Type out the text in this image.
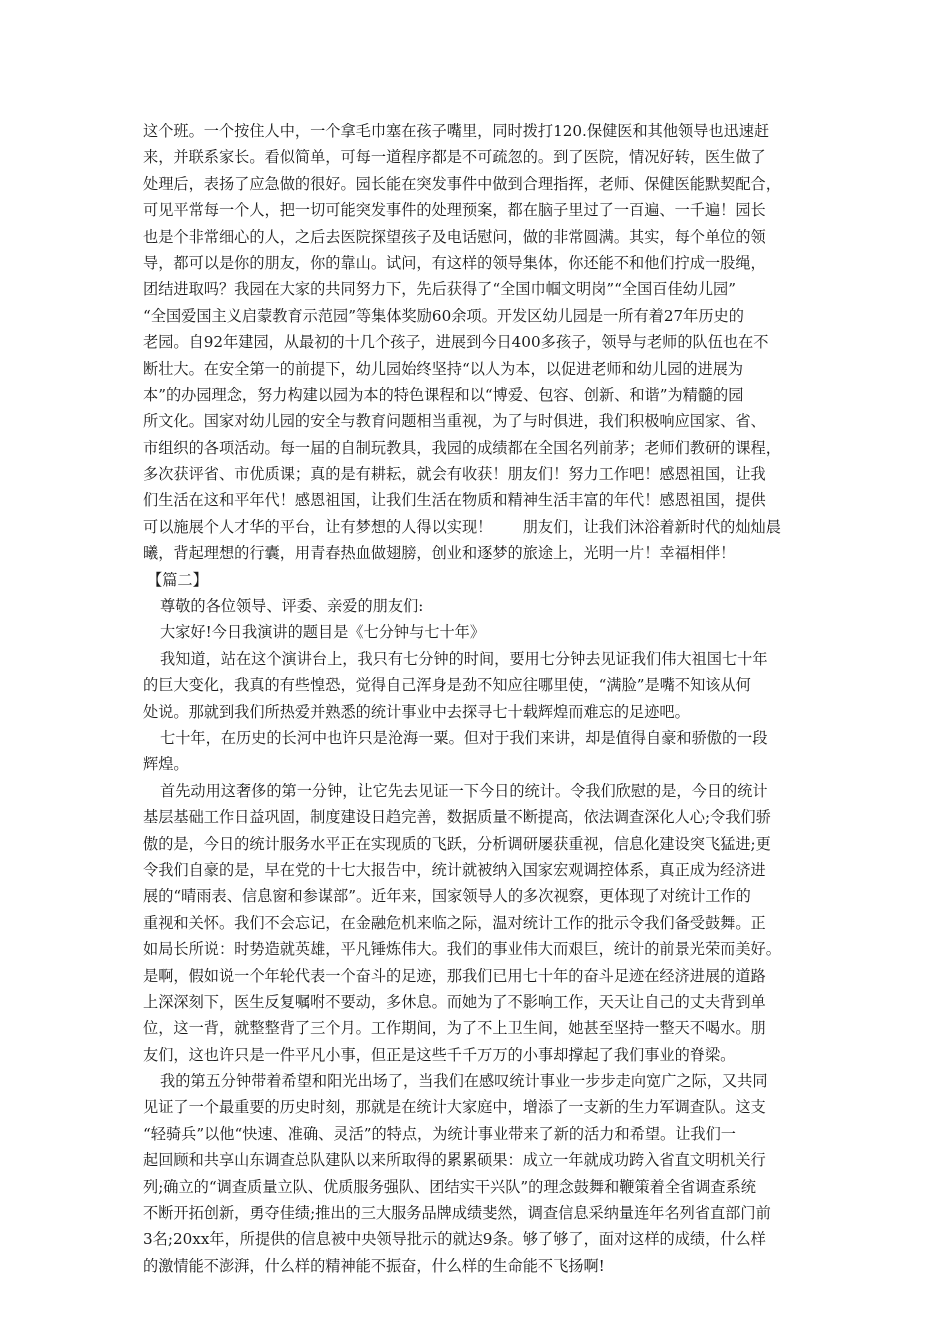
这个班。一个按住人中，一个拿毛巾塞在孩子嘴里，同时拨打120.保健医和其他领导也迅速赶
来，并联系家长。看似简单，可每一道程序都是不可疏忽的。到了医院，情况好转，医生做了
处理后，表扬了应急做的很好。园长能在突发事件中做到合理指挥，老师、保健医能默契配合，
可见平常每一个人，把一切可能突发事件的处理预案，都在脑子里过了一百遍、一千遍！园长
也是个非常细心的人，之后去医院探望孩子及电话慰问，做的非常圆满。其实，每个单位的领
导，都可以是你的朋友，你的靠山。试问，有这样的领导集体，你还能不和他们拧成一股绳，
团结进取吗？我园在大家的共同努力下，先后获得了“全国巾帼文明岗”“全国百佳幼儿园”
“全国爱国主义启蒙教育示范园”等集体奖励60余项。开发区幼儿园是一所有着27年历史的
老园。自92年建园，从最初的十几个孩子，进展到今日400多孩子，领导与老师的队伍也在不
断壮大。在安全第一的前提下，幼儿园始终坚持“以人为本，以促进老师和幼儿园的进展为
本”的办园理念，努力构建以园为本的特色课程和以“博爱、包容、创新、和谐”为精髓的园
所文化。国家对幼儿园的安全与教育问题相当重视，为了与时俱进，我们积极响应国家、省、
市组织的各项活动。每一届的自制玩教具，我园的成绩都在全国名列前茅；老师们教研的课程，
多次获评省、市优质课；真的是有耕耘，就会有收获！朋友们！努力工作吧！感恩祖国，让我
们生活在这和平年代！感恩祖国，让我们生活在物质和精神生活丰富的年代！感恩祖国，提供
可以施展个人才华的平台，让有梦想的人得以实现！　　朋友们，让我们沐浴着新时代的灿灿晨
曦，背起理想的行囊，用青春热血做翅膀，创业和逐梦的旅途上，光明一片！幸福相伴！
【篇二】
尊敬的各位领导、评委、亲爱的朋友们:
大家好!今日我演讲的题目是《七分钟与七十年》
我知道，站在这个演讲台上，我只有七分钟的时间，要用七分钟去见证我们伟大祖国七十年
的巨大变化，我真的有些惶恐，觉得自己浑身是劲不知应往哪里使，“满脸”是嘴不知该从何
处说。那就到我们所热爱并熟悉的统计事业中去探寻七十载辉煌而难忘的足迹吧。
七十年，在历史的长河中也许只是沧海一粟。但对于我们来讲，却是值得自豪和骄傲的一段
辉煌。
首先动用这奢侈的第一分钟，让它先去见证一下今日的统计。令我们欣慰的是，今日的统计
基层基础工作日益巩固，制度建设日趋完善，数据质量不断提高，依法调查深化人心;令我们骄
傲的是，今日的统计服务水平正在实现质的飞跃，分析调研屡获重视，信息化建设突飞猛进;更
令我们自豪的是，早在党的十七大报告中，统计就被纳入国家宏观调控体系，真正成为经济进
展的“晴雨表、信息窗和参谋部”。近年来，国家领导人的多次视察，更体现了对统计工作的
重视和关怀。我们不会忘记，在金融危机来临之际，温对统计工作的批示令我们备受鼓舞。正
如局长所说：时势造就英雄，平凡锤炼伟大。我们的事业伟大而艰巨，统计的前景光荣而美好。
是啊，假如说一个年轮代表一个奋斗的足迹，那我们已用七十年的奋斗足迹在经济进展的道路
上深深刻下，医生反复嘱咐不要动，多休息。而她为了不影响工作，天天让自己的丈夫背到单
位，这一背，就整整背了三个月。工作期间，为了不上卫生间，她甚至坚持一整天不喝水。朋
友们，这也许只是一件平凡小事，但正是这些千千万万的小事却撑起了我们事业的脊梁。
我的第五分钟带着希望和阳光出场了，当我们在感叹统计事业一步步走向宽广之际，又共同
见证了一个最重要的历史时刻，那就是在统计大家庭中，增添了一支新的生力军调查队。这支
“轻骑兵”以他“快速、准确、灵活”的特点，为统计事业带来了新的活力和希望。让我们一
起回顾和共享山东调查总队建队以来所取得的累累硕果：成立一年就成功跨入省直文明机关行
列;确立的“调查质量立队、优质服务强队、团结实干兴队”的理念鼓舞和鞭策着全省调查系统
不断开拓创新，勇夺佳绩;推出的三大服务品牌成绩斐然，调查信息采纳量连年名列省直部门前
3名;20xx年，所提供的信息被中央领导批示的就达9条。够了够了，面对这样的成绩，什么样
的激情能不澎湃，什么样的精神能不振奋，什么样的生命能不飞扬啊!
